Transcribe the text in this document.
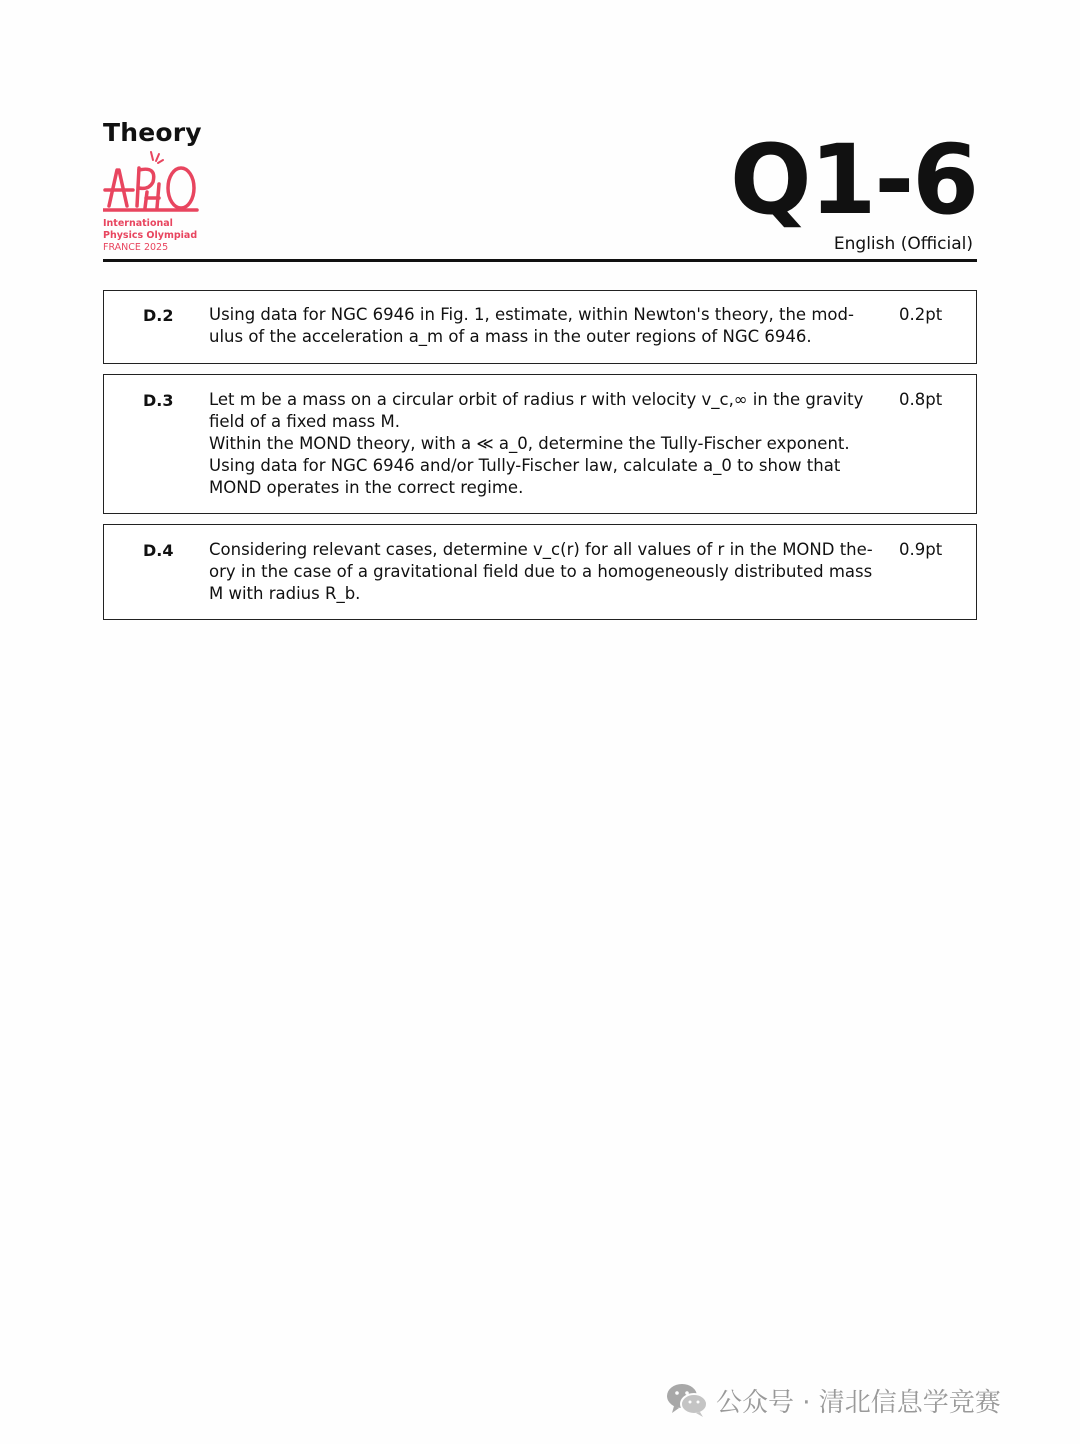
Theory
International
Physics Olympiad
FRANCE 2025
Q1-6
English (Official)
D.2 Using data for NGC 6946 in Fig. 1, estimate, within Newton's theory, the mod-

ulus of the acceleration a_m of a mass in the outer regions of NGC 6946.

0.2pt
D.3 Let m be a mass on a circular orbit of radius r with velocity v_c,∞ in the gravity

field of a fixed mass M.

Within the MOND theory, with a ≪ a_0, determine the Tully-Fischer exponent.

Using data for NGC 6946 and/or Tully-Fischer law, calculate a_0 to show that

MOND operates in the correct regime.

0.8pt
D.4 Considering relevant cases, determine v_c(r) for all values of r in the MOND the-

ory in the case of a gravitational field due to a homogeneously distributed mass

M with radius R_b.

0.9pt
公众号 · 清北信息学竞赛
